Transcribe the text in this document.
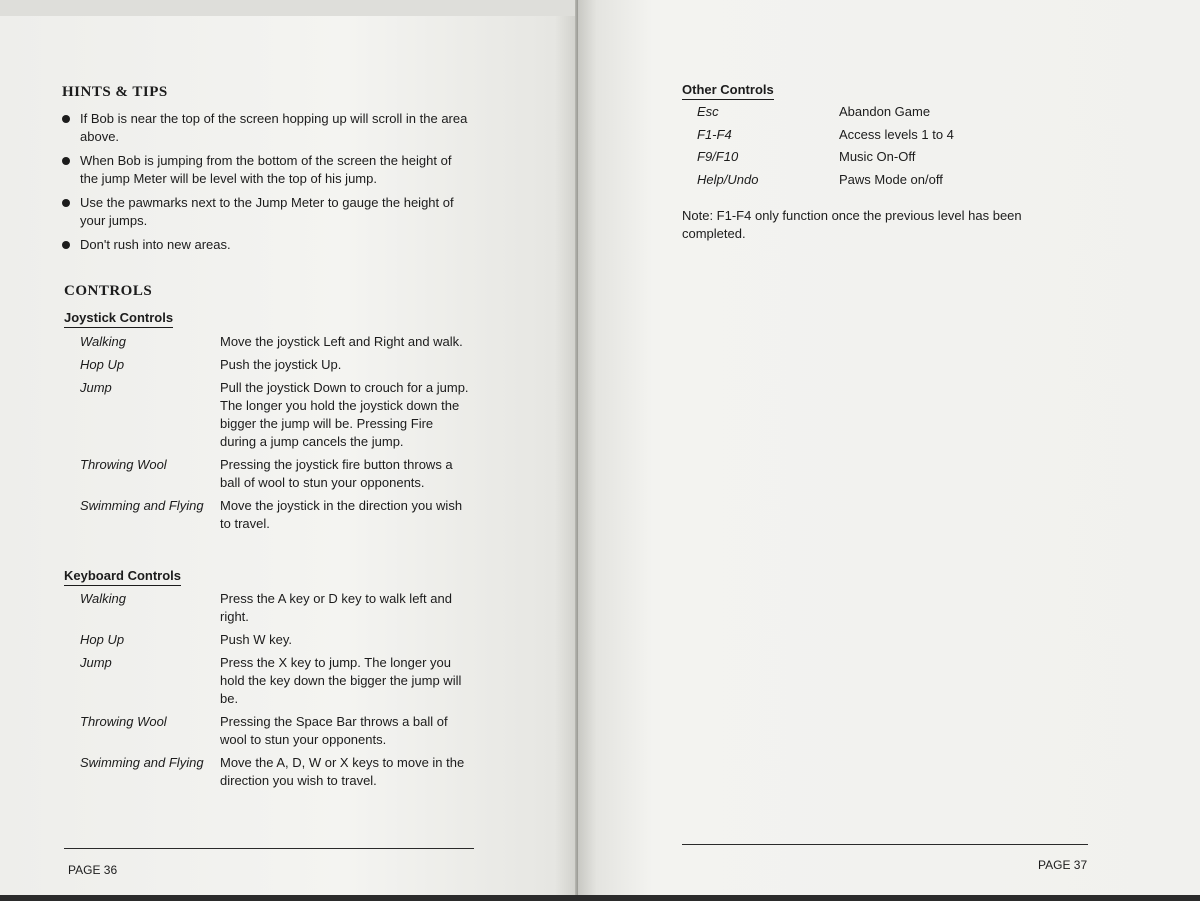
HINTS & TIPS
If Bob is near the top of the screen hopping up will scroll in the area above.
When Bob is jumping from the bottom of the screen the height of the jump Meter will be level with the top of his jump.
Use the pawmarks next to the Jump Meter to gauge the height of your jumps.
Don't rush into new areas.
CONTROLS
Joystick Controls
Walking	Move the joystick Left and Right and walk.
Hop Up	Push the joystick Up.
Jump	Pull the joystick Down to crouch for a jump. The longer you hold the joystick down the bigger the jump will be. Pressing Fire during a jump cancels the jump.
Throwing Wool	Pressing the joystick fire button throws a ball of wool to stun your opponents.
Swimming and Flying	Move the joystick in the direction you wish to travel.
Keyboard Controls
Walking	Press the A key or D key to walk left and right.
Hop Up	Push W key.
Jump	Press the X key to jump. The longer you hold the key down the bigger the jump will be.
Throwing Wool	Pressing the Space Bar throws a ball of wool to stun your opponents.
Swimming and Flying	Move the A, D, W or X keys to move in the direction you wish to travel.
PAGE 36
Other Controls
Esc	Abandon Game
F1-F4	Access levels 1 to 4
F9/F10	Music On-Off
Help/Undo	Paws Mode on/off

Note: F1-F4 only function once the previous level has been completed.

PAGE 37
